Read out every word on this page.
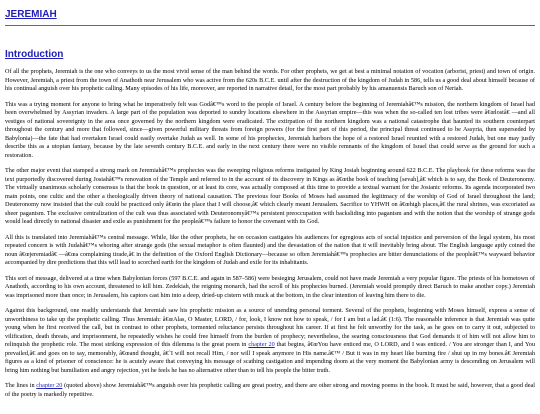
JEREMIAH
Introduction

Of all the prophets, Jeremiah is the one who conveys to us the most vivid sense of the man behind the words. For other prophets, we get at best a minimal notation of vocation (arborist, priest) and town of origin. However, Jeremiah, a priest from the town of Anathoth near Jerusalem who was active from the 620s B.C.E. until after the destruction of the kingdom of Judah in 586, tells us a good deal about himself because of his continual anguish over his prophetic calling. Many episodes of his life, moreover, are reported in narrative detail, for the most part probably by his amanuensis Baruch son of Neriah.

This was a trying moment for anyone to bring what he imperatively felt was Godâ€™s word to the people of Israel. A century before the beginning of Jeremiahâ€™s mission, the northern kingdom of Israel had been overwhelmed by Assyrian invaders. A large part of the population was deported to sundry locations elsewhere in the Assyrian empire—this was when the so-called ten lost tribes were â€œlostâ€ —and all vestiges of national sovereignty in the area once governed by the northern kingdom were eradicated. The extirpation of the northern kingdom was a national catastrophe that haunted its southern counterpart throughout the century and more that followed, since—given powerful military threats from foreign powers (for the first part of this period, the principal threat continued to be Assyria, then superseded by Babylonia)—the fate that had overtaken Israel could easily overtake Judah as well. In some of his prophecies, Jeremiah harbors the hope of a restored Israel reunited with a restored Judah, but one may justly describe this as a utopian fantasy, because by the late seventh century B.C.E. and early in the next century there were no visible remnants of the kingdom of Israel that could serve as the ground for such a restoration.

The other major event that stamped a strong mark on Jeremiahâ€™s prophecies was the sweeping religious reforms instigated by King Josiah beginning around 622 B.C.E. The playbook for these reforms was the text purportedly discovered during Josiahâ€™s renovation of the Temple and referred to in the account of its discovery in Kings as â€œthe book of teaching [sevah],â€ which is to say, the Book of Deuteronomy. The virtually unanimous scholarly consensus is that the book in question, or at least its core, was actually composed at this time to provide a textual warrant for the Josianic reforms. Its agenda incorporated two main points, one cultic and the other a theologically driven theory of national causation. The previous four Books of Moses had assumed the legitimacy of the worship of God of Israel throughout the land; Deuteronomy now insisted that the cult could be practiced only â€œin the place that I will choose,â€ which clearly meant Jerusalem. Sacrifice to YHWH on â€œhigh places,â€ the rural shrines, was excoriated as sheer paganism. The exclusive centralization of the cult was thus associated with Deuteronomyâ€™s persistent preoccupation with backsliding into paganism and with the notion that the worship of strange gods would lead directly to national disaster and exile as punishment for the peopleâ€™s failure to honor the covenant with its God.

All this is translated into Jeremiahâ€™s central message. While, like the other prophets, he on occasion castigates his audiences for egregious acts of social injustice and perversion of the legal system, his most repeated concern is with Judahâ€™s whoring after strange gods (the sexual metaphor is often flaunted) and the devastation of the nation that it will inevitably bring about. The English language aptly coined the noun â€œjeremiadâ€ —â€œa complaining tirade,â€ in the definition of the Oxford English Dictionary—because so often Jeremiahâ€™s prophecies are bitter denunciations of the peopleâ€™s wayward behavior accompanied by dire predictions that this will lead to scorched earth for the kingdom of Judah and exile for its inhabitants.

This sort of message, delivered at a time when Babylonian forces (597 B.C.E. and again in 587–586) were besieging Jerusalem, could not have made Jeremiah a very popular figure. The priests of his hometown of Anathoth, according to his own account, threatened to kill him. Zedekiah, the reigning monarch, had the scroll of his prophecies burned. (Jeremiah would promptly direct Baruch to make another copy.) Jeremiah was imprisoned more than once; in Jerusalem, his captors cast him into a deep, dried-up cistern with muck at the bottom, in the clear intention of leaving him there to die.

Against this background, one readily understands that Jeremiah saw his prophetic mission as a source of unending personal torment. Several of the prophets, beginning with Moses himself, express a sense of unworthiness to take up the prophetic calling. Thus Jeremiah: â€œAlas, O Master, LORD, / for, look, I know not how to speak, / for I am but a lad.â€ (1:6). The reasonable inference is that Jeremiah was quite young when he first received the call, but in contrast to other prophets, tormented reluctance persists throughout his career. If at first he felt unworthy for the task, as he goes on to carry it out, subjected to vilification, death threats, and imprisonment, he repeatedly wishes he could free himself from the burden of prophecy; nevertheless, the searing consciousness that God demands it of him will not allow him to relinquish the prophetic role. The most striking expression of this dilemma is the great poem in chapter 20 that begins, â€œYou have enticed me, O LORD, and I was enticed. / You are stronger than I, and You prevailed,â€ and goes on to say, memorably, â€œand thought, â€˜I will not recall Him, / nor will I speak anymore in His name.â€™ / But it was in my heart like burning fire / shut up in my bones.â€ Jeremiah figures as a kind of prisoner of conscience: he is acutely aware that conveying his message of scathing castigation and impending doom at the very moment the Babylonian army is descending on Jerusalem will bring him nothing but humiliation and angry rejection, yet he feels he has no alternative other than to tell his people the bitter truth.

The lines in chapter 20 (quoted above) show Jeremiahâ€™s anguish over his prophetic calling are great poetry, and there are other strong and moving poems in the book. It must be said, however, that a good deal of the poetry is markedly repetitive.
